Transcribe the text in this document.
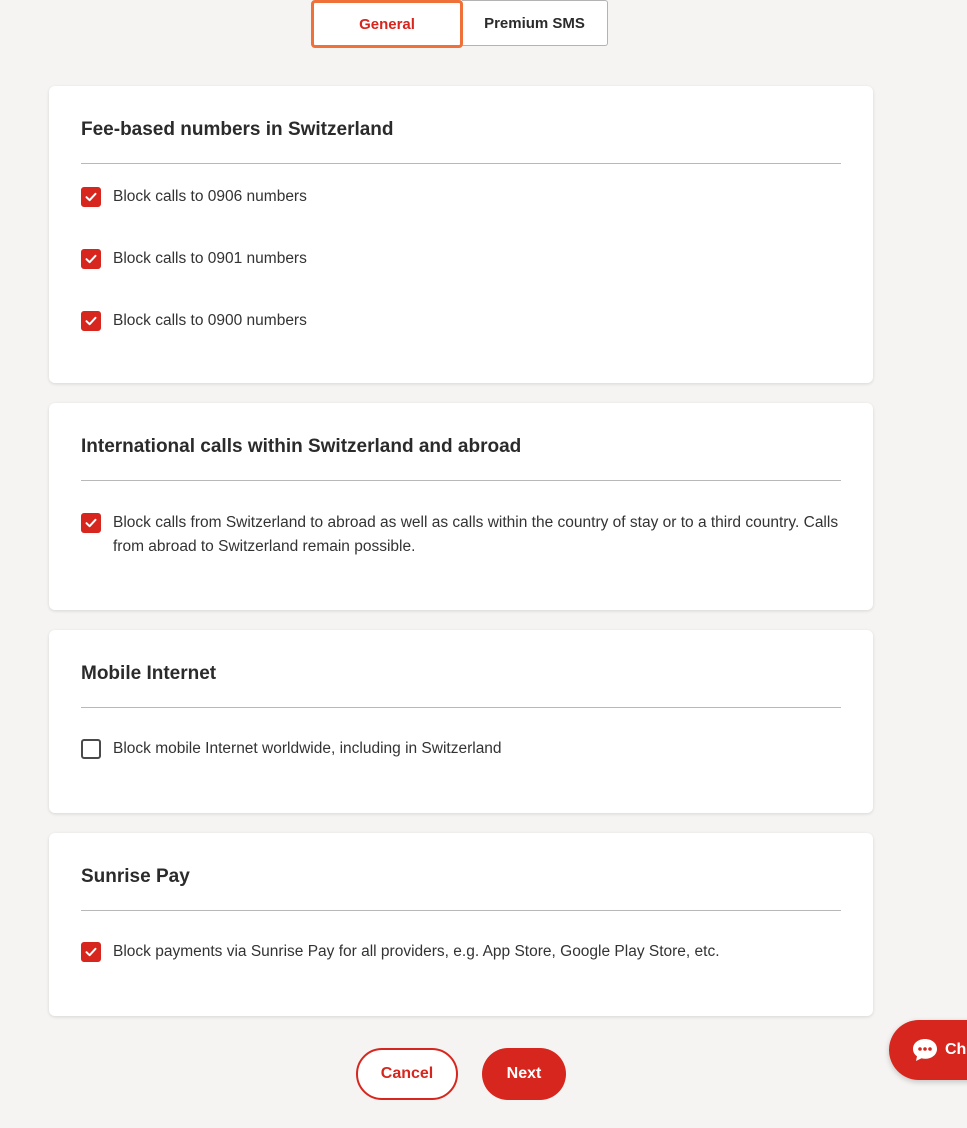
General	Premium SMS
Fee-based numbers in Switzerland
Block calls to 0906 numbers
Block calls to 0901 numbers
Block calls to 0900 numbers
International calls within Switzerland and abroad
Block calls from Switzerland to abroad as well as calls within the country of stay or to a third country. Calls from abroad to Switzerland remain possible.
Mobile Internet
Block mobile Internet worldwide, including in Switzerland
Sunrise Pay
Block payments via Sunrise Pay for all providers, e.g. App Store, Google Play Store, etc.
Cancel	Next
Ch
